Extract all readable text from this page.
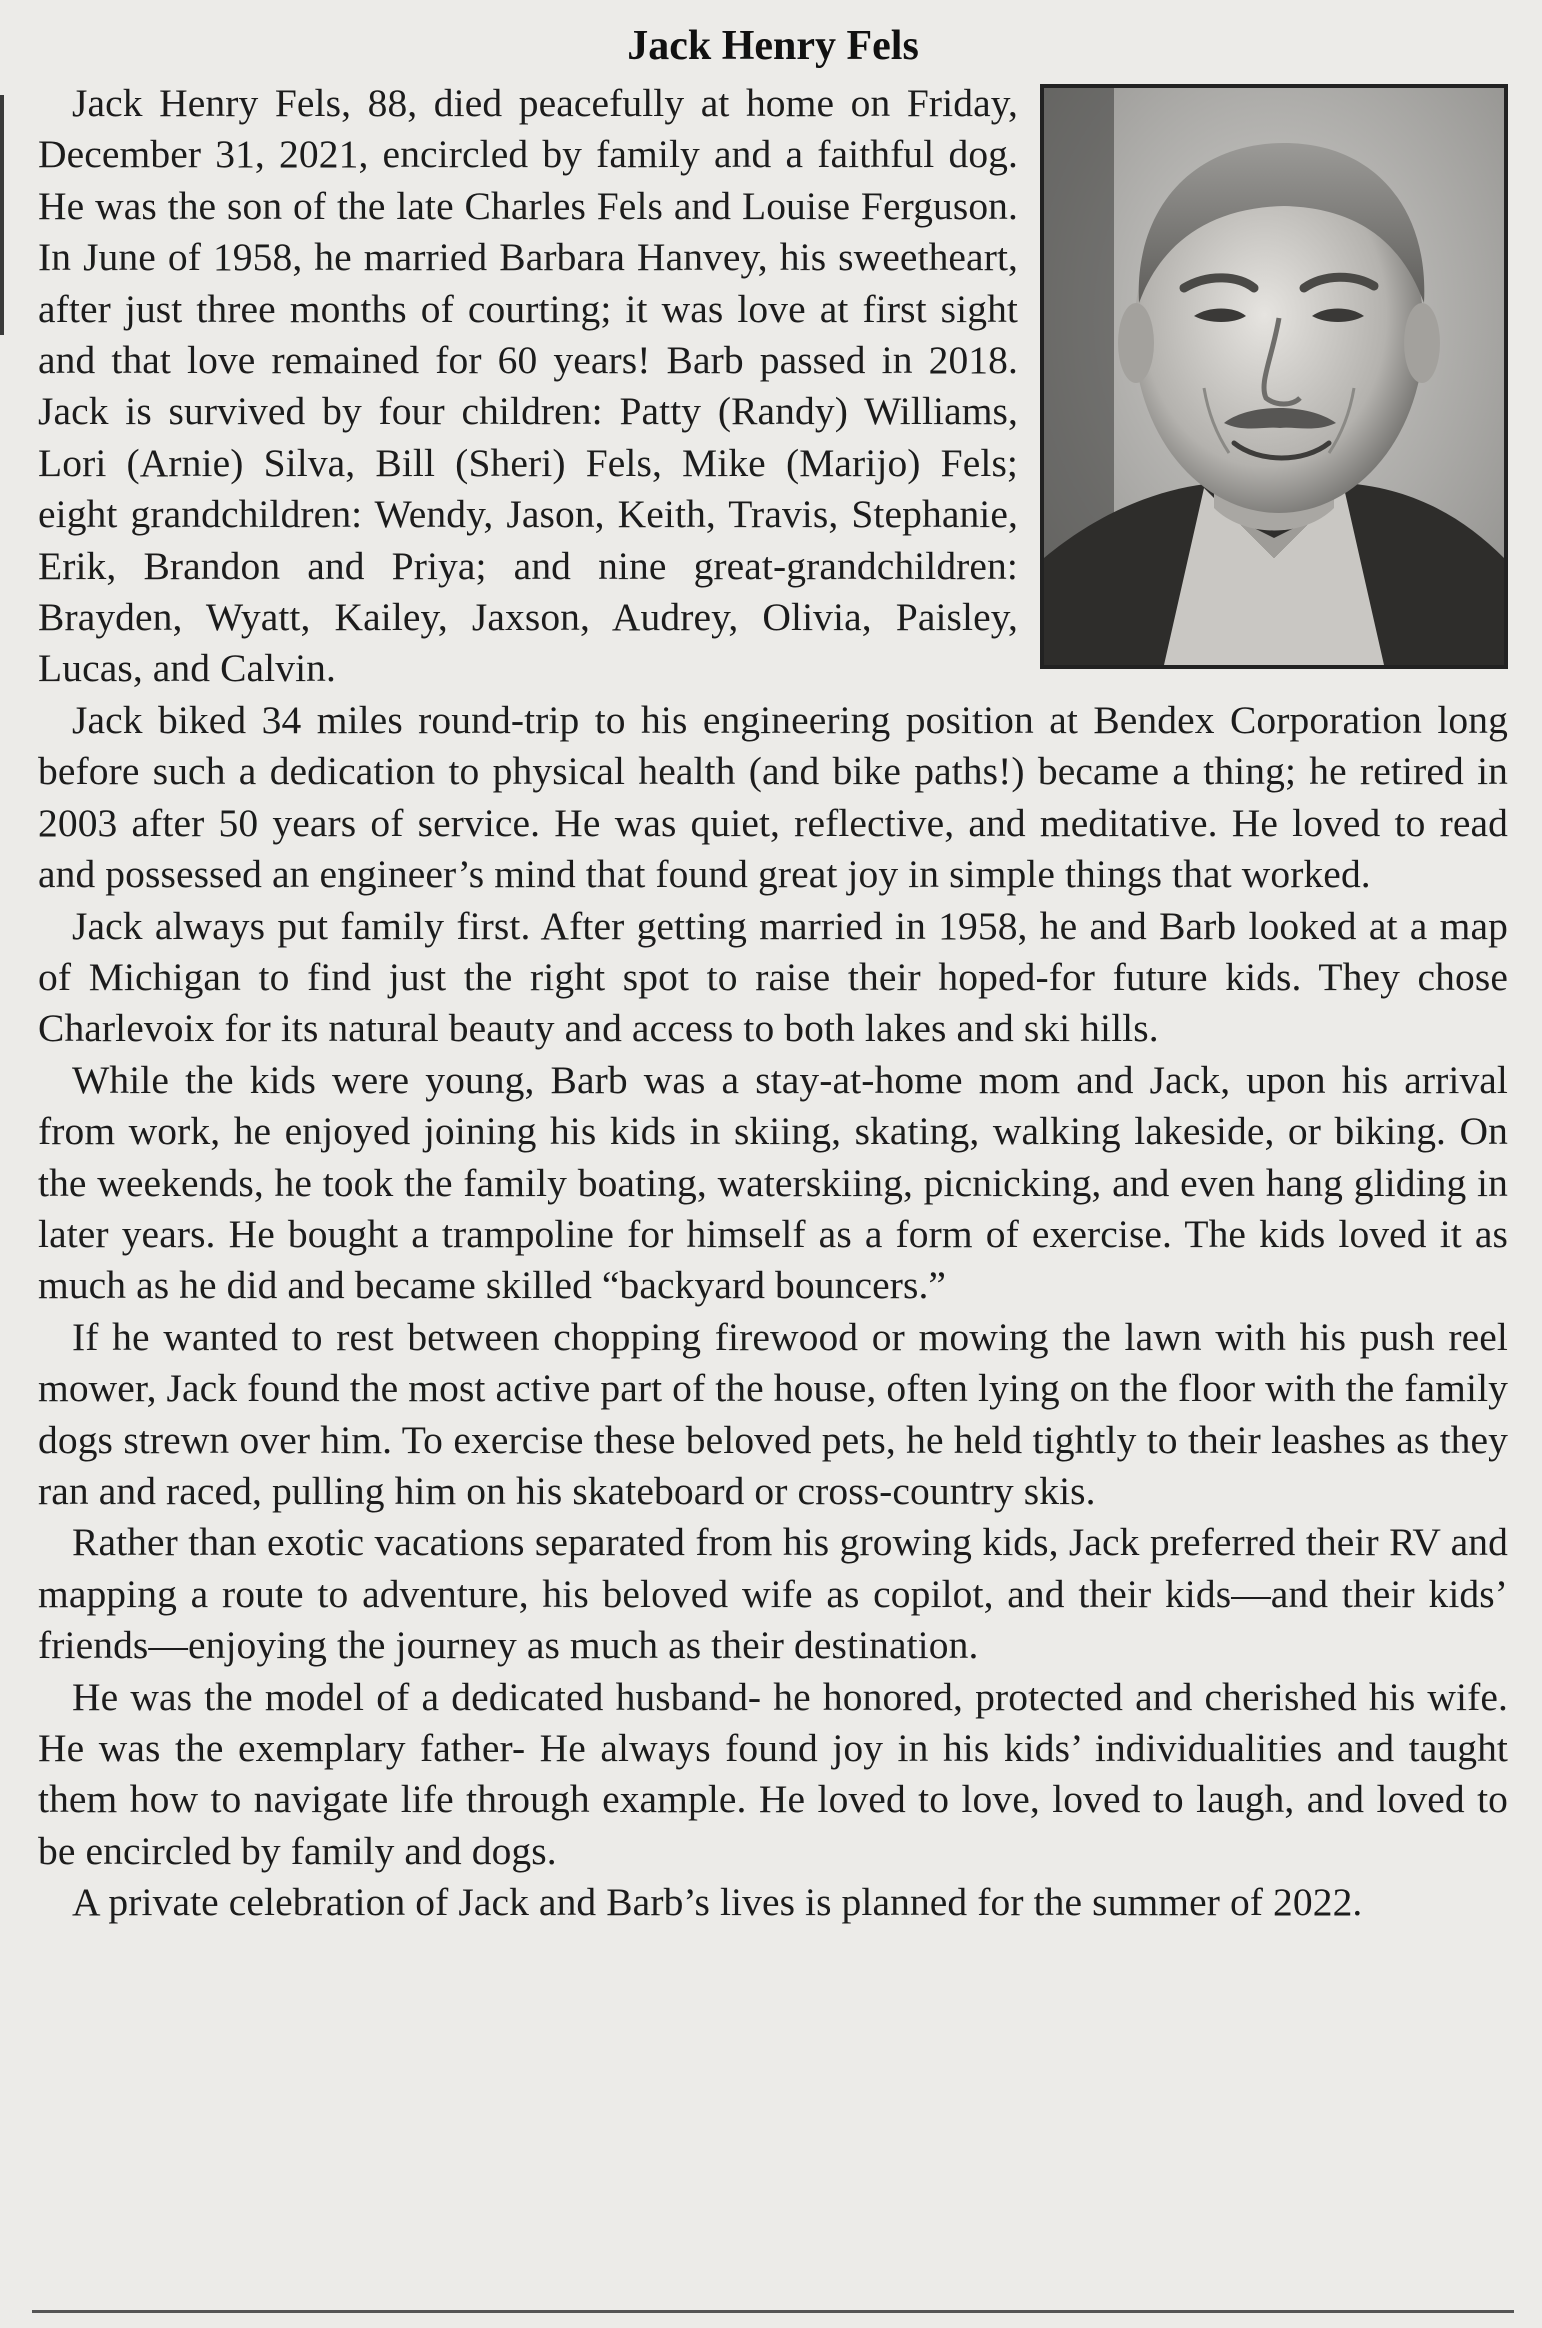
Jack Henry Fels

Jack Henry Fels, 88, died peacefully at home on Friday, December 31, 2021, encircled by family and a faithful dog. He was the son of the late Charles Fels and Louise Ferguson. In June of 1958, he married Barbara Hanvey, his sweetheart, after just three months of courting; it was love at first sight and that love remained for 60 years! Barb passed in 2018. Jack is survived by four children: Patty (Randy) Williams, Lori (Arnie) Silva, Bill (Sheri) Fels, Mike (Marijo) Fels; eight grandchildren: Wendy, Jason, Keith, Travis, Stephanie, Erik, Brandon and Priya; and nine great-grandchildren: Brayden, Wyatt, Kailey, Jaxson, Audrey, Olivia, Paisley, Lucas, and Calvin.

Jack biked 34 miles round-trip to his engineering position at Bendex Corporation long before such a dedication to physical health (and bike paths!) became a thing; he retired in 2003 after 50 years of service. He was quiet, reflective, and meditative. He loved to read and possessed an engineer’s mind that found great joy in simple things that worked.

Jack always put family first. After getting married in 1958, he and Barb looked at a map of Michigan to find just the right spot to raise their hoped-for future kids. They chose Charlevoix for its natural beauty and access to both lakes and ski hills.

While the kids were young, Barb was a stay-at-home mom and Jack, upon his arrival from work, he enjoyed joining his kids in skiing, skating, walking lakeside, or biking. On the weekends, he took the family boating, waterskiing, picnicking, and even hang gliding in later years. He bought a trampoline for himself as a form of exercise. The kids loved it as much as he did and became skilled “backyard bouncers.”

If he wanted to rest between chopping firewood or mowing the lawn with his push reel mower, Jack found the most active part of the house, often lying on the floor with the family dogs strewn over him. To exercise these beloved pets, he held tightly to their leashes as they ran and raced, pulling him on his skateboard or cross-country skis.

Rather than exotic vacations separated from his growing kids, Jack preferred their RV and mapping a route to adventure, his beloved wife as copilot, and their kids—and their kids’ friends—enjoying the journey as much as their destination.

He was the model of a dedicated husband- he honored, protected and cherished his wife. He was the exemplary father- He always found joy in his kids’ individualities and taught them how to navigate life through example. He loved to love, loved to laugh, and loved to be encircled by family and dogs.

A private celebration of Jack and Barb’s lives is planned for the summer of 2022.
